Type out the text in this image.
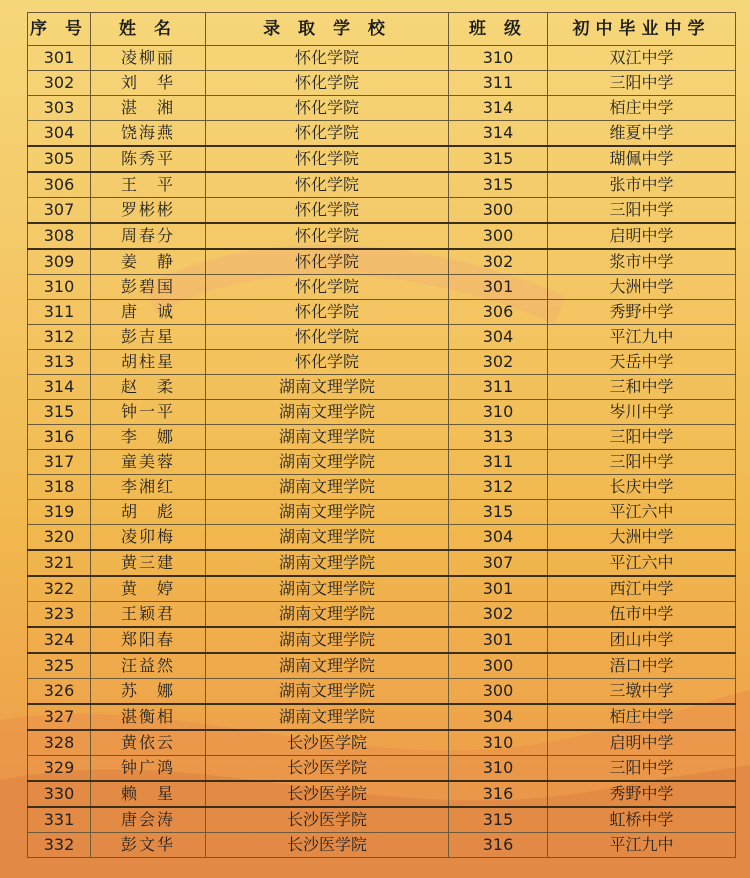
序 号	姓 名	录 取 学 校	班 级	初中毕业中学
301	凌柳丽	怀化学院	310	双江中学
302	刘　华	怀化学院	311	三阳中学
303	湛　湘	怀化学院	314	栢庄中学
304	饶海燕	怀化学院	314	维夏中学
305	陈秀平	怀化学院	315	瑚佩中学
306	王　平	怀化学院	315	张市中学
307	罗彬彬	怀化学院	300	三阳中学
308	周春分	怀化学院	300	启明中学
309	姜　静	怀化学院	302	浆市中学
310	彭碧国	怀化学院	301	大洲中学
311	唐　诚	怀化学院	306	秀野中学
312	彭吉星	怀化学院	304	平江九中
313	胡柱星	怀化学院	302	天岳中学
314	赵　柔	湖南文理学院	311	三和中学
315	钟一平	湖南文理学院	310	岑川中学
316	李　娜	湖南文理学院	313	三阳中学
317	童美蓉	湖南文理学院	311	三阳中学
318	李湘红	湖南文理学院	312	长庆中学
319	胡　彪	湖南文理学院	315	平江六中
320	凌卯梅	湖南文理学院	304	大洲中学
321	黄三建	湖南文理学院	307	平江六中
322	黄　婷	湖南文理学院	301	西江中学
323	王颖君	湖南文理学院	302	伍市中学
324	郑阳春	湖南文理学院	301	团山中学
325	汪益然	湖南文理学院	300	浯口中学
326	苏　娜	湖南文理学院	300	三墩中学
327	湛衡相	湖南文理学院	304	栢庄中学
328	黄依云	长沙医学院	310	启明中学
329	钟广鸿	长沙医学院	310	三阳中学
330	赖　星	长沙医学院	316	秀野中学
331	唐会涛	长沙医学院	315	虹桥中学
332	彭文华	长沙医学院	316	平江九中
